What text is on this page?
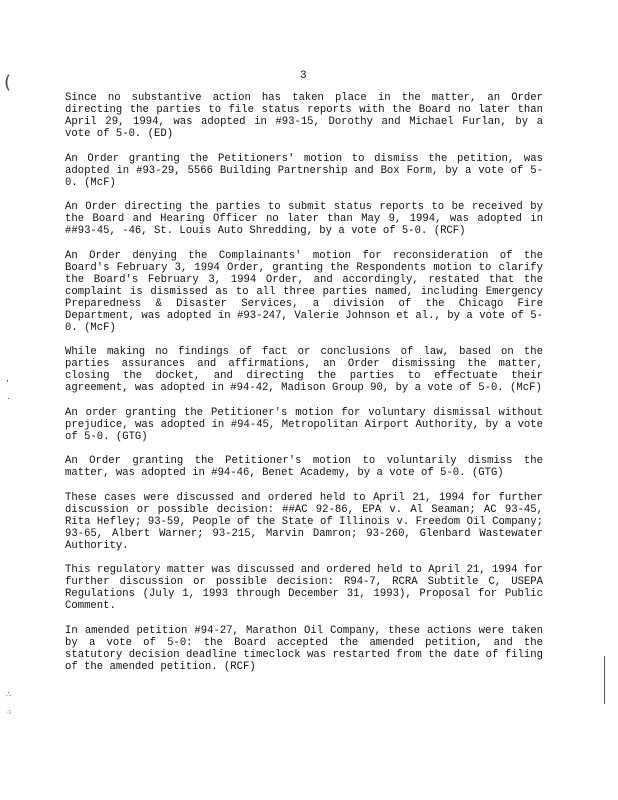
(
,
.
∴
⁘
3

Since no substantive action has taken place in the matter, an Order directing the parties to file status reports with the Board no later than April 29, 1994, was adopted in #93-15, Dorothy and Michael Furlan, by a vote of 5-0. (ED)

An Order granting the Petitioners' motion to dismiss the petition, was adopted in #93-29, 5566 Building Partnership and Box Form, by a vote of 5-0. (McF)

An Order directing the parties to submit status reports to be received by the Board and Hearing Officer no later than May 9, 1994, was adopted in ##93-45, -46, St. Louis Auto Shredding, by a vote of 5-0. (RCF)

An Order denying the Complainants' motion for reconsideration of the Board's February 3, 1994 Order, granting the Respondents motion to clarify the Board's February 3, 1994 Order, and accordingly, restated that the complaint is dismissed as to all three parties named, including Emergency Preparedness & Disaster Services, a division of the Chicago Fire Department, was adopted in #93-247, Valerie Johnson et al., by a vote of 5-0. (McF)

While making no findings of fact or conclusions of law, based on the parties assurances and affirmations, an Order dismissing the matter, closing the docket, and directing the parties to effectuate their agreement, was adopted in #94-42, Madison Group 90, by a vote of 5-0. (McF)

An order granting the Petitioner's motion for voluntary dismissal without prejudice, was adopted in #94-45, Metropolitan Airport Authority, by a vote of 5-0. (GTG)

An Order granting the Petitioner's motion to voluntarily dismiss the matter, was adopted in #94-46, Benet Academy, by a vote of 5-0. (GTG)

These cases were discussed and ordered held to April 21, 1994 for further discussion or possible decision: ##AC 92-86, EPA v. Al Seaman; AC 93-45, Rita Hefley; 93-59, People of the State of Illinois v. Freedom Oil Company; 93-65, Albert Warner; 93-215, Marvin Damron; 93-260, Glenbard Wastewater Authority.

This regulatory matter was discussed and ordered held to April 21, 1994 for further discussion or possible decision: R94-7, RCRA Subtitle C, USEPA Regulations (July 1, 1993 through December 31, 1993), Proposal for Public Comment.

In amended petition #94-27, Marathon Oil Company, these actions were taken by a vote of 5-0: the Board accepted the amended petition, and the statutory decision deadline timeclock was restarted from the date of filing of the amended petition. (RCF)
